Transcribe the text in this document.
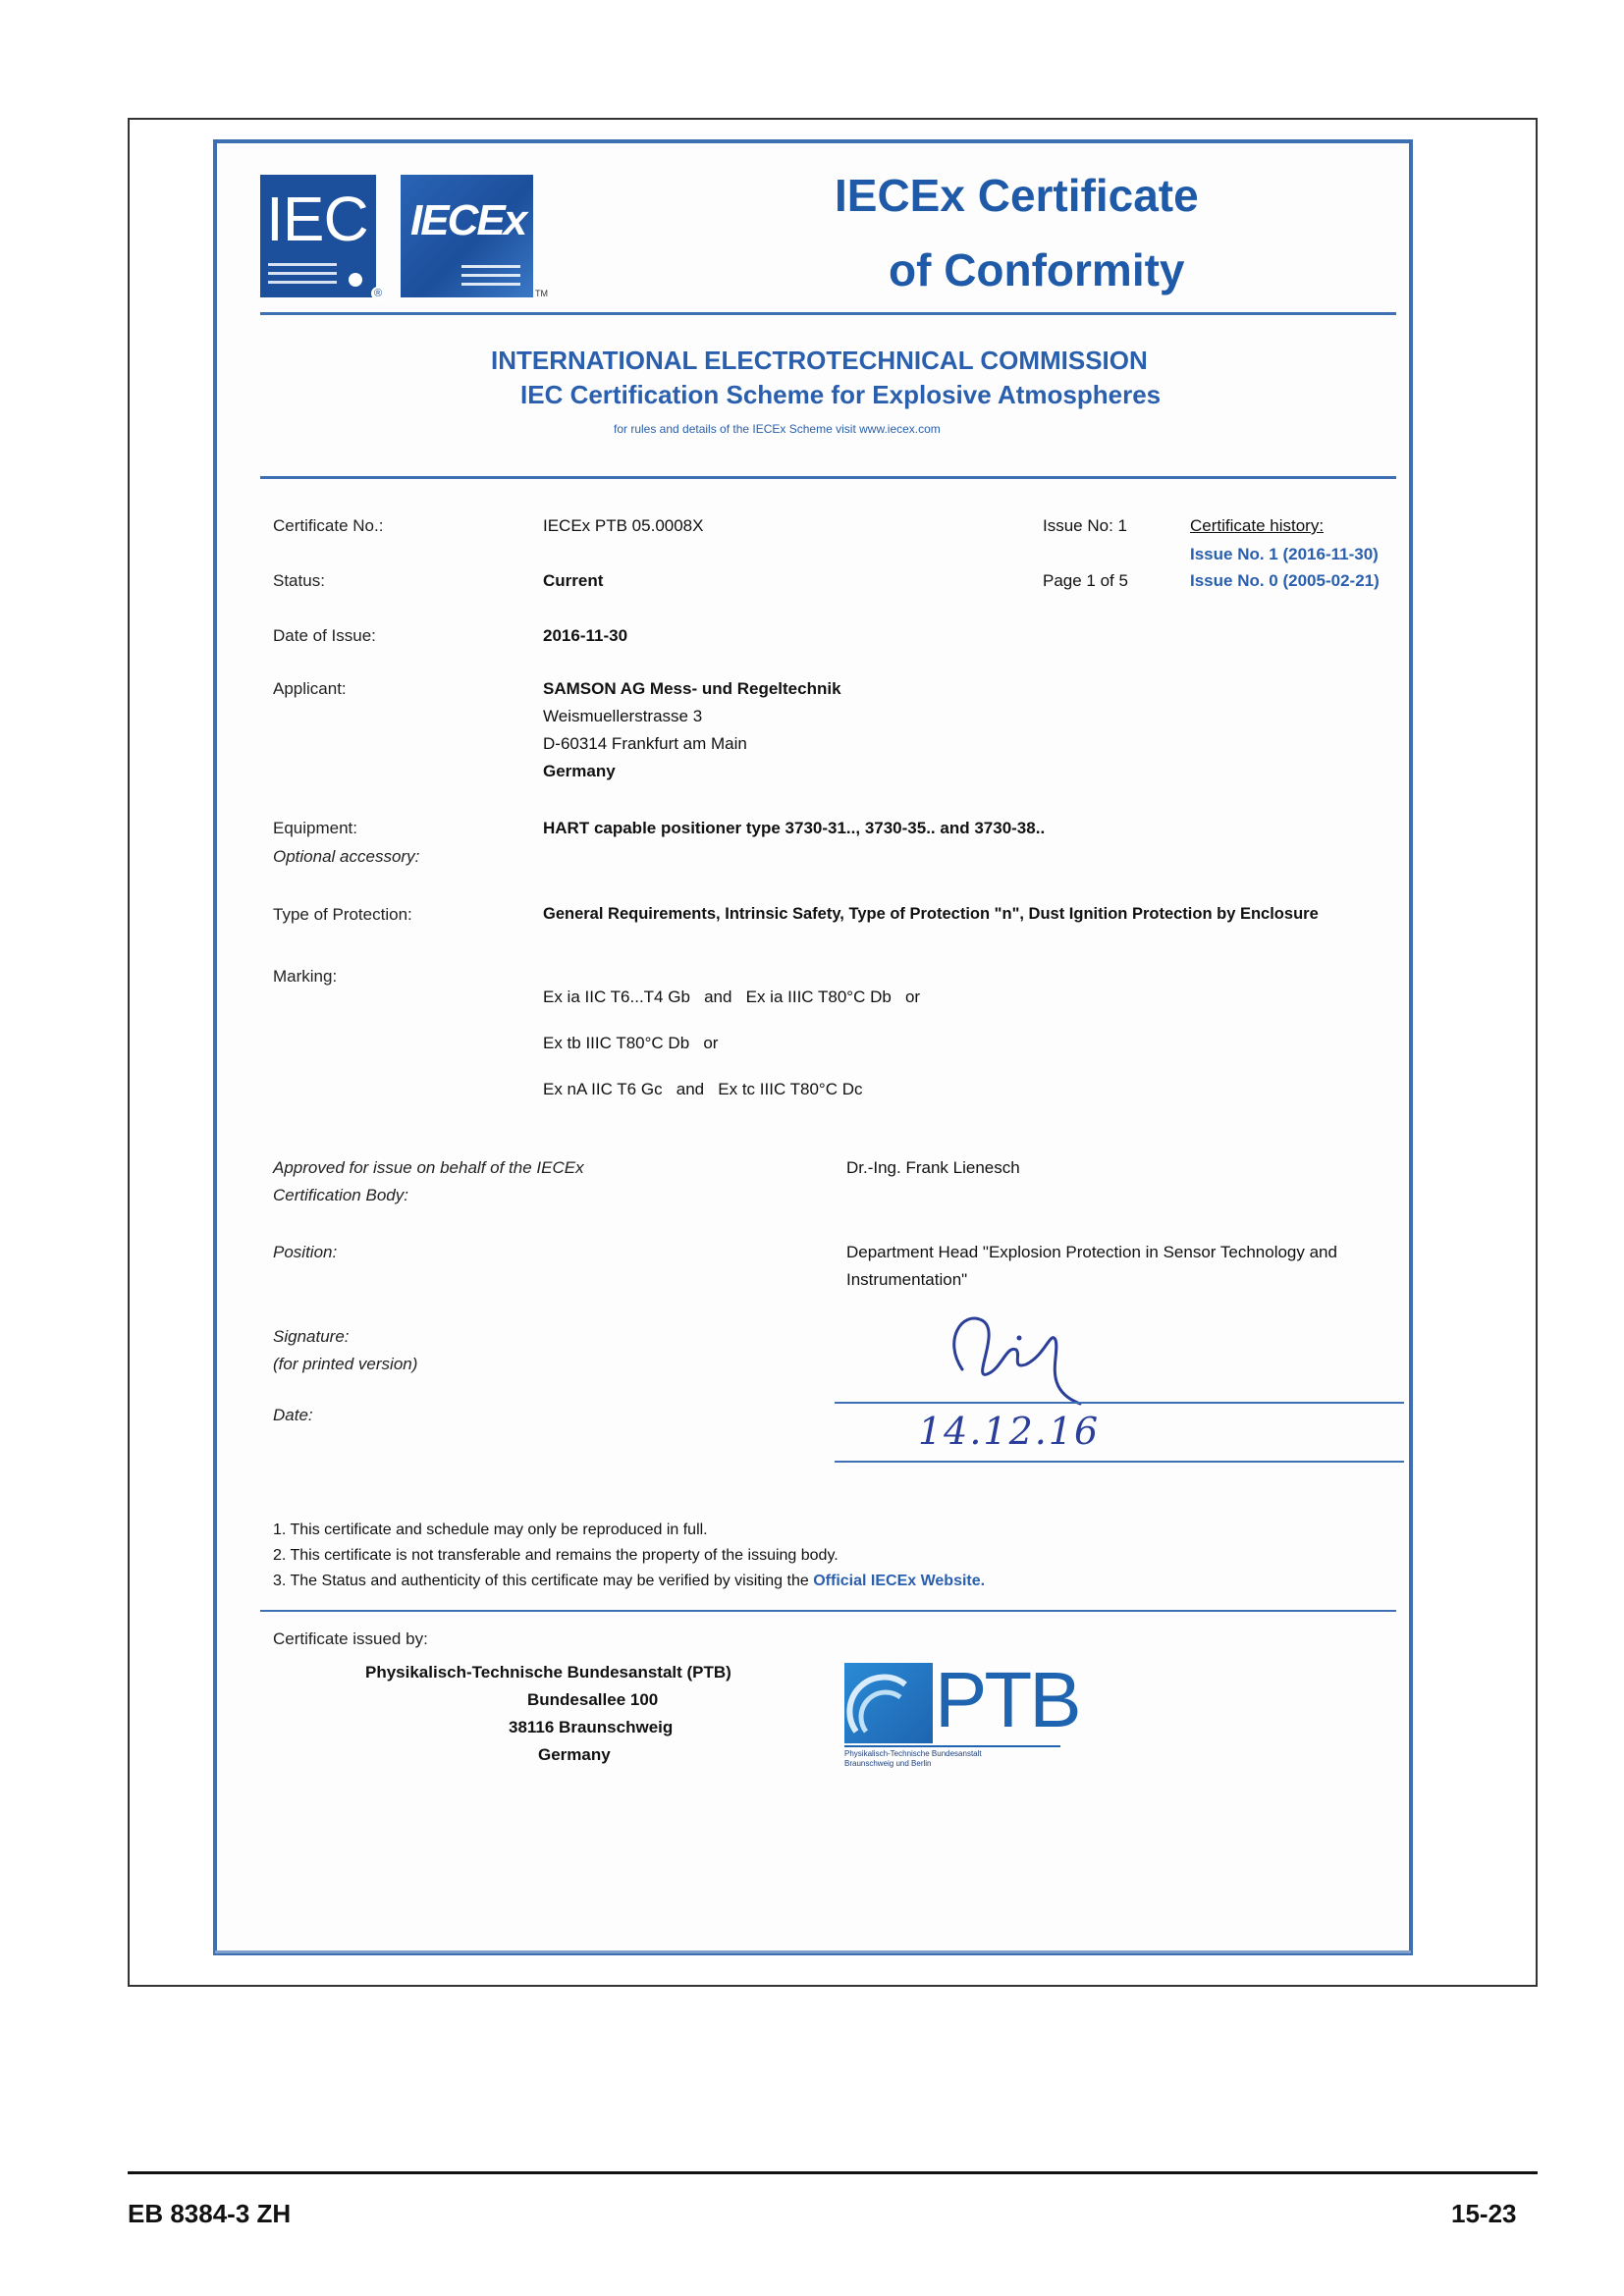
IEC
®
IECEx
TM
IECEx Certificate
of Conformity
INTERNATIONAL ELECTROTECHNICAL COMMISSION
IEC Certification Scheme for Explosive Atmospheres
for rules and details of the IECEx Scheme visit www.iecex.com
Certificate No.:	IECEx PTB 05.0008X	Issue No: 1	Certificate history:
Issue No. 1 (2016-11-30)
Issue No. 0 (2005-02-21)
Status:	Current	Page 1 of 5
Date of Issue:	2016-11-30
Applicant:	SAMSON AG Mess- und Regeltechnik
Weismuellerstrasse 3
D-60314 Frankfurt am Main
Germany
Equipment:	HART capable positioner type 3730-31.., 3730-35.. and 3730-38..
Optional accessory:
Type of Protection:	General Requirements, Intrinsic Safety, Type of Protection "n", Dust Ignition Protection by Enclosure
Marking:
Ex ia IIC T6...T4 Gb   and   Ex ia IIIC T80°C Db   or
Ex tb IIIC T80°C Db   or
Ex nA IIC T6 Gc   and   Ex tc IIIC T80°C Dc
Approved for issue on behalf of the IECEx
Certification Body:
Dr.-Ing. Frank Lienesch
Position:	Department Head "Explosion Protection in Sensor Technology and
Instrumentation"
Signature:
(for printed version)
Date:	14.12.16
1. This certificate and schedule may only be reproduced in full.
2. This certificate is not transferable and remains the property of the issuing body.
3. The Status and authenticity of this certificate may be verified by visiting the Official IECEx Website.
Certificate issued by:
Physikalisch-Technische Bundesanstalt (PTB)
Bundesallee 100
38116 Braunschweig
Germany
PTB
Physikalisch-Technische Bundesanstalt
Braunschweig und Berlin
EB 8384-3 ZH	15-23
